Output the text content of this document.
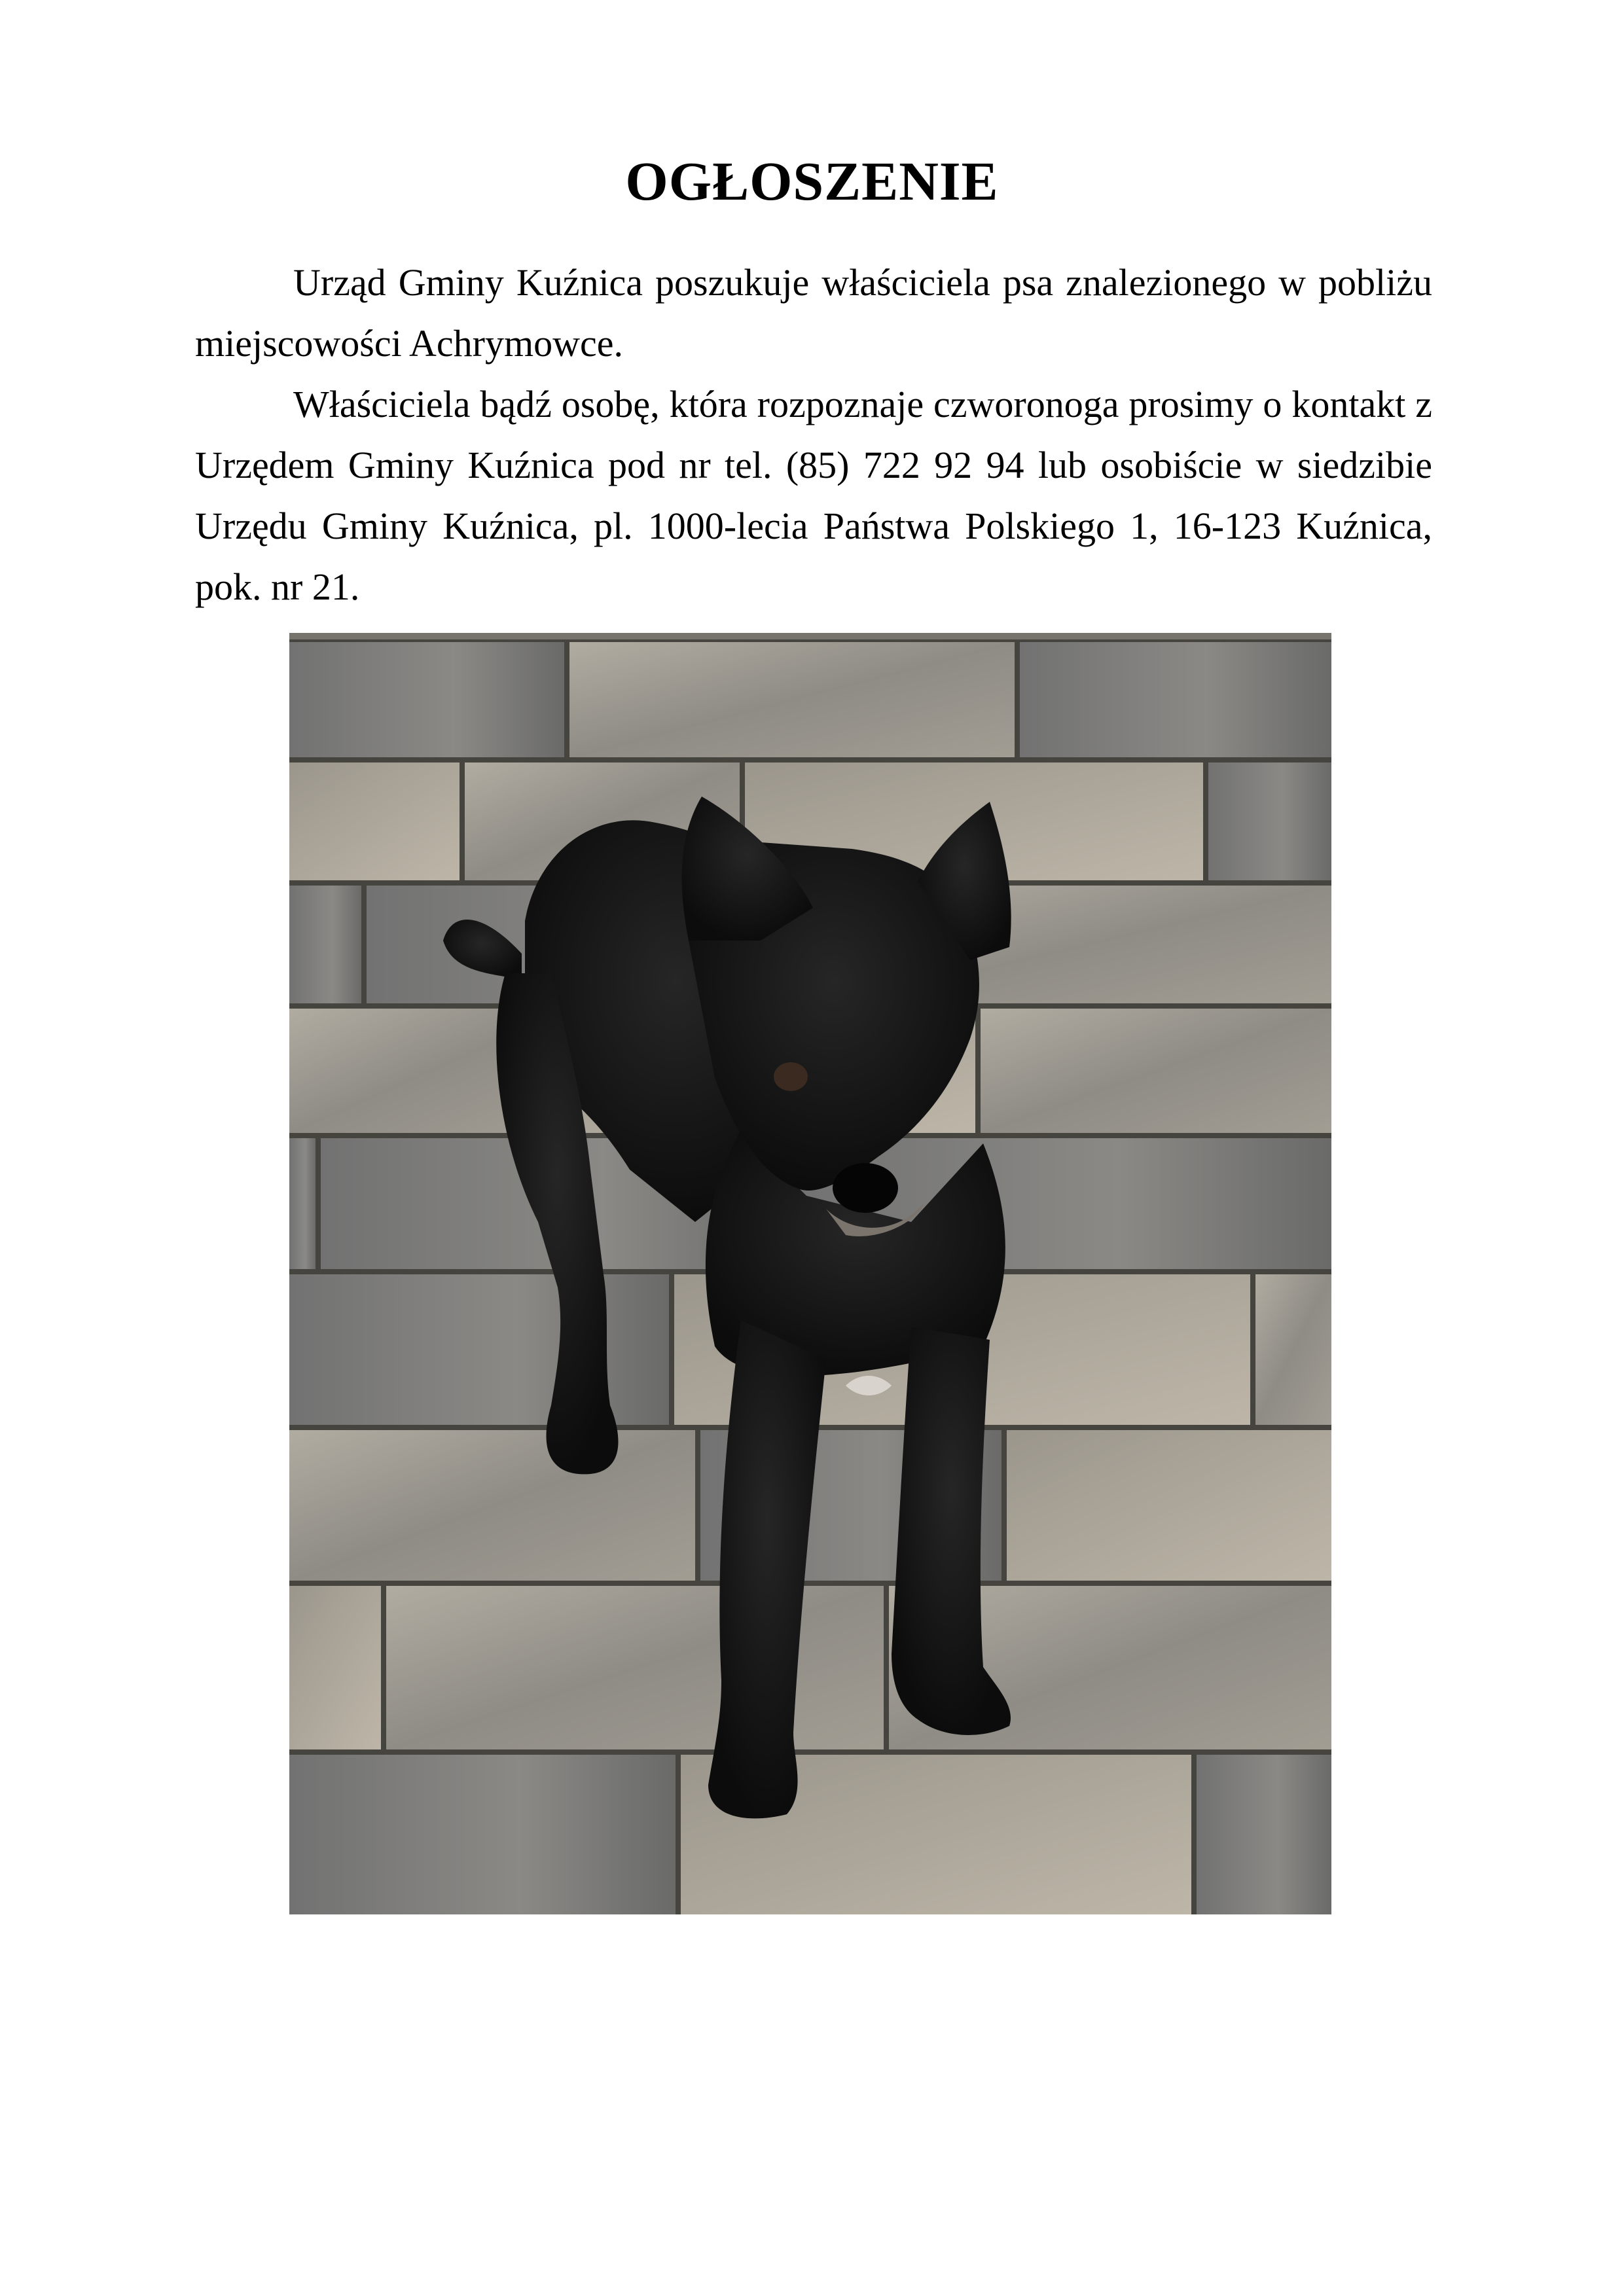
OGŁOSZENIE

Urząd Gminy Kuźnica poszukuje właściciela psa znalezionego w pobliżu miejscowości Achrymowce.

Właściciela bądź osobę, która rozpoznaje czworonoga prosimy o kontakt z Urzędem Gminy Kuźnica pod nr tel. (85) 722 92 94 lub osobiście w siedzibie Urzędu Gminy Kuźnica, pl. 1000-lecia Państwa Polskiego 1, 16-123 Kuźnica, pok. nr 21.
